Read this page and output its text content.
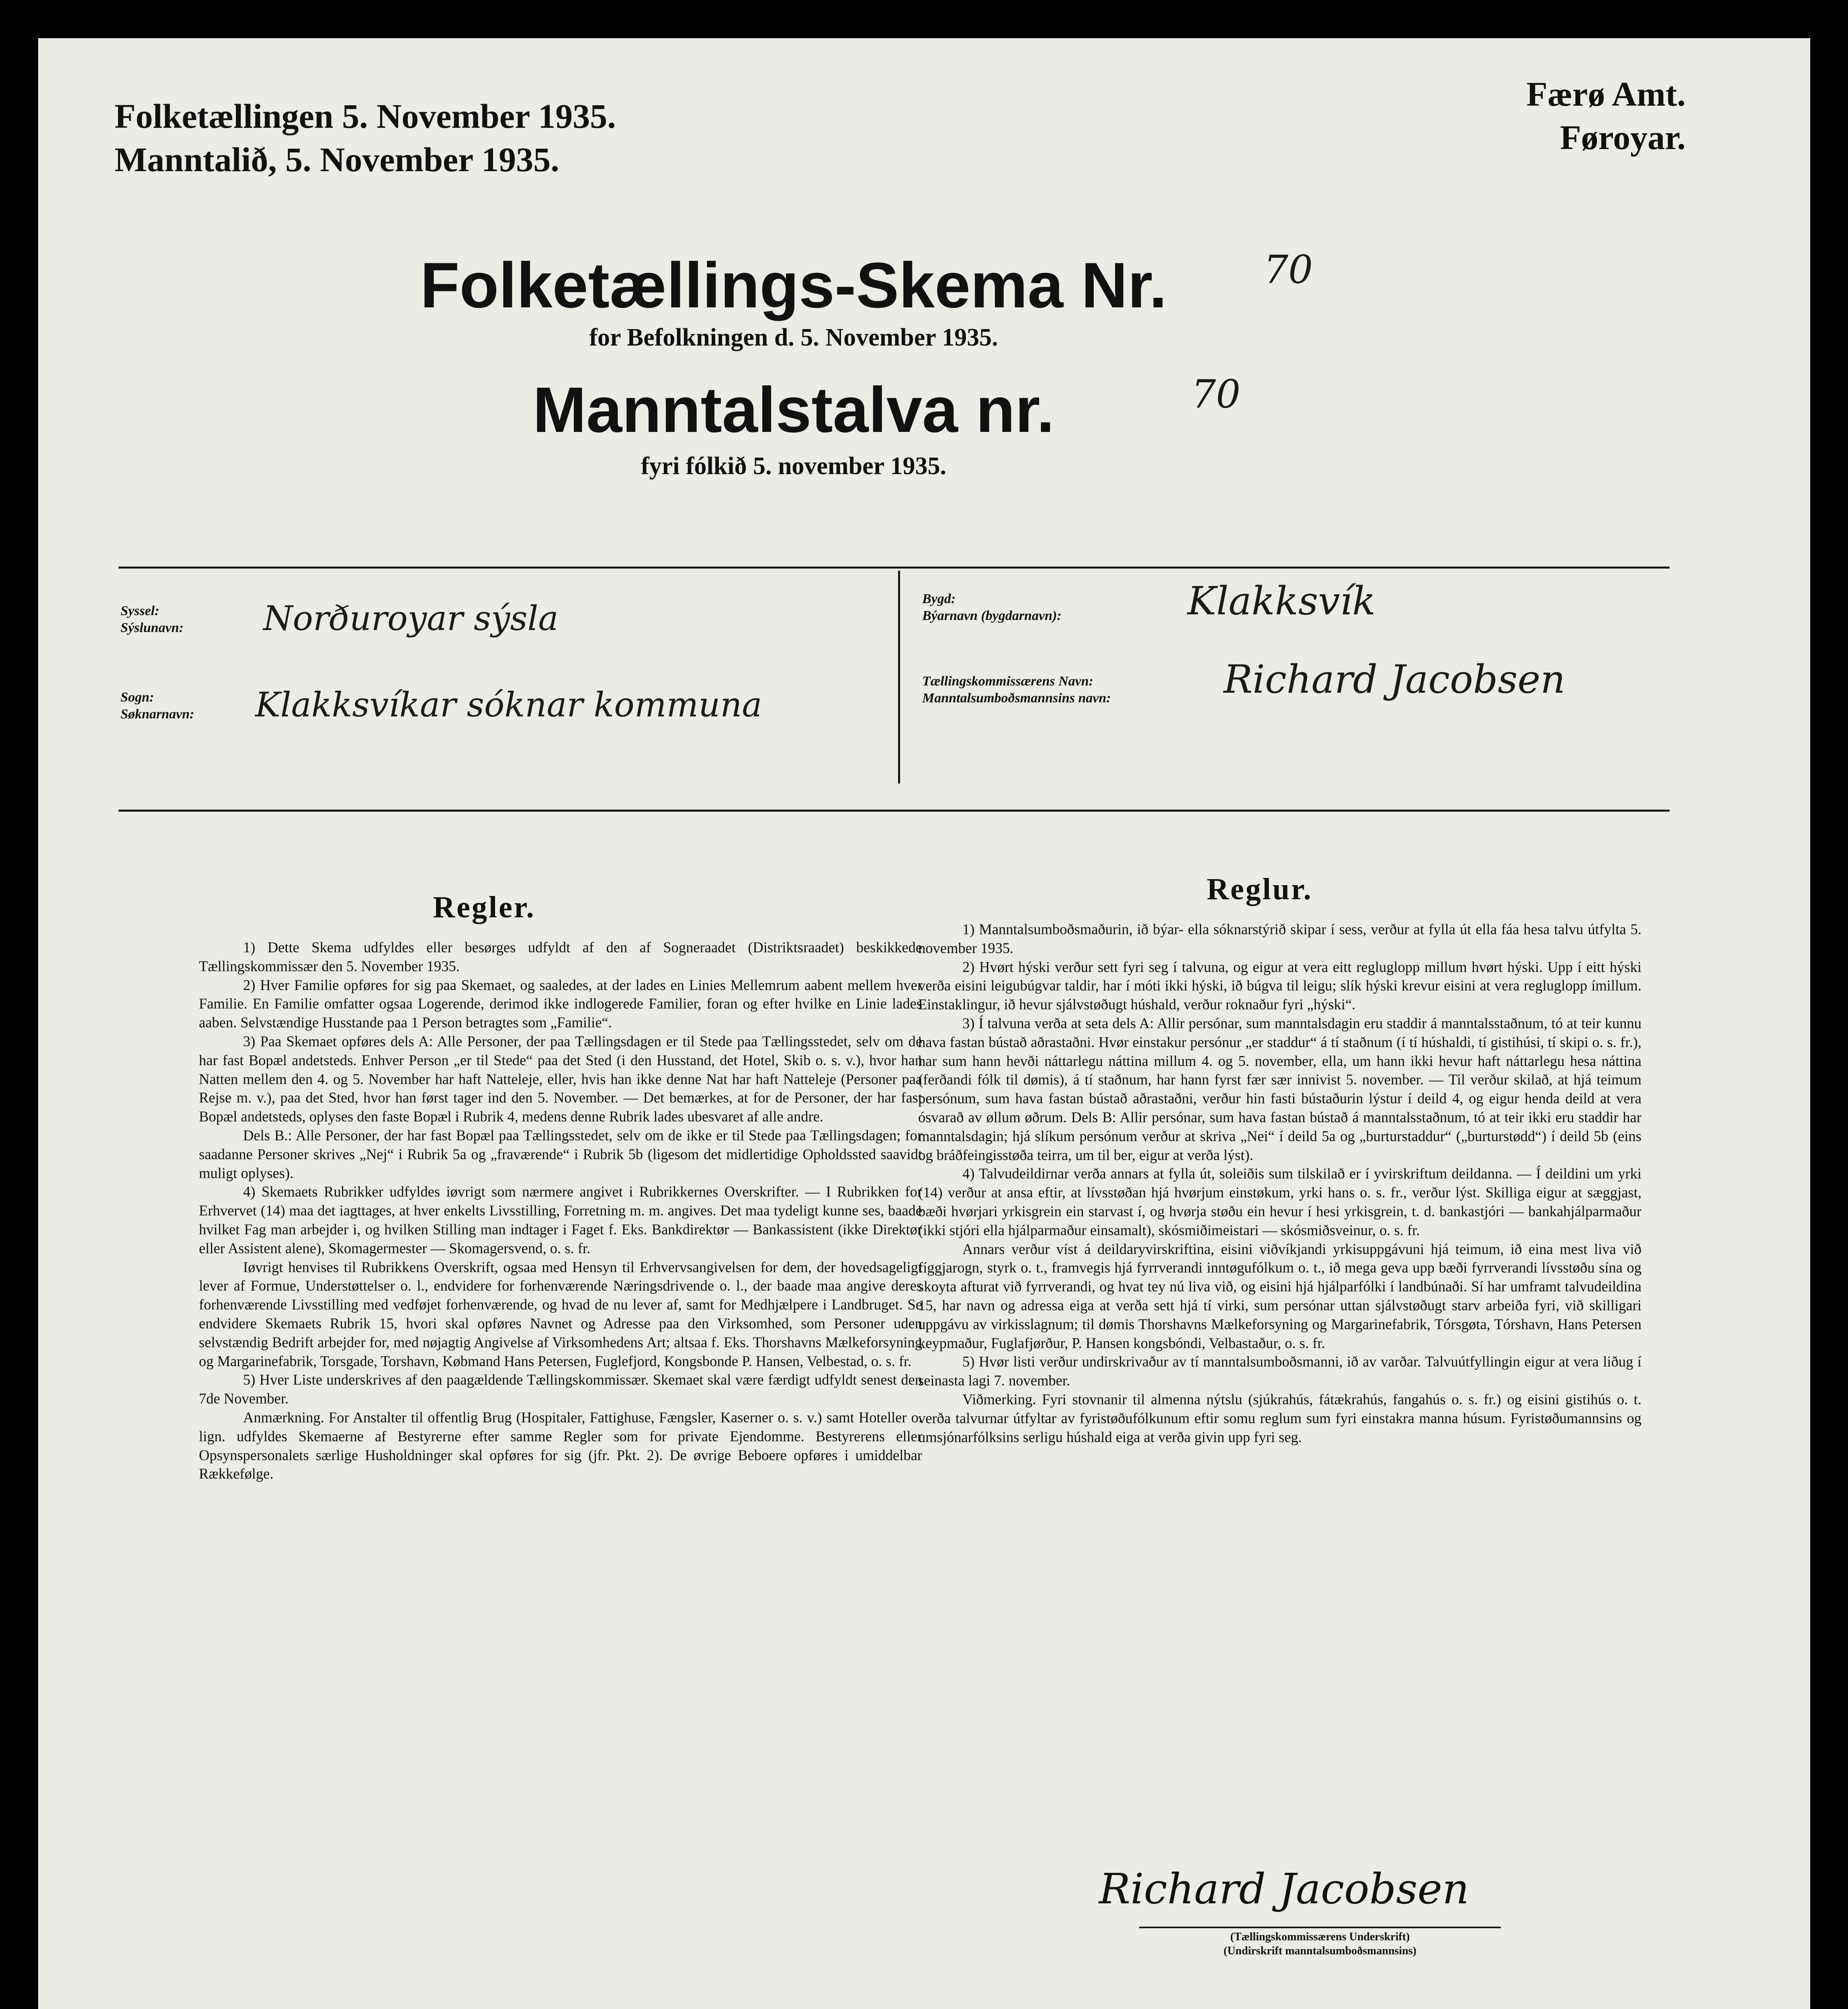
Folketællingen 5. November 1935.
Manntalið, 5. November 1935.
Færø Amt.
Føroyar.
Folketællings-Skema Nr.	70
for Befolkningen d. 5. November 1935.
Manntalstalva nr.	70
fyri fólkið 5. november 1935.
Syssel:
Sýslunavn: Norðuroyar sýsla
Sogn:
Søknarnavn: Klakksvíkar sóknar kommuna
Bygd:
Býarnavn (bygdarnavn):	Klakksvík
Tællingskommissærens Navn:
Manntalsumboðsmannsins navn:	Richard Jacobsen
Regler.
Reglur.

1) Dette Skema udfyldes eller besørges udfyldt af den af Sogneraadet (Distriktsraadet) beskikkede Tællingskommissær den 5. November 1935.

2) Hver Familie opføres for sig paa Skemaet, og saaledes, at der lades en Linies Mellemrum aabent mellem hver Familie. En Familie omfatter ogsaa Logerende, derimod ikke indlogerede Familier, foran og efter hvilke en Linie lades aaben. Selvstændige Husstande paa 1 Person betragtes som „Familie“.

3) Paa Skemaet opføres dels A: Alle Personer, der paa Tællingsdagen er til Stede paa Tællingsstedet, selv om de har fast Bopæl andetsteds. Enhver Person „er til Stede“ paa det Sted (i den Husstand, det Hotel, Skib o. s. v.), hvor han Natten mellem den 4. og 5. November har haft Natteleje, eller, hvis han ikke denne Nat har haft Natteleje (Personer paa Rejse m. v.), paa det Sted, hvor han først tager ind den 5. November. — Det bemærkes, at for de Personer, der har fast Bopæl andetsteds, oplyses den faste Bopæl i Rubrik 4, medens denne Rubrik lades ubesvaret af alle andre.

Dels B.: Alle Personer, der har fast Bopæl paa Tællingsstedet, selv om de ikke er til Stede paa Tællingsdagen; for saadanne Personer skrives „Nej“ i Rubrik 5a og „fraværende“ i Rubrik 5b (ligesom det midlertidige Opholdssted saavidt muligt oplyses).

4) Skemaets Rubrikker udfyldes iøvrigt som nærmere angivet i Rubrikkernes Overskrifter. — I Rubrikken for Erhvervet (14) maa det iagttages, at hver enkelts Livsstilling, Forretning m. m. angives. Det maa tydeligt kunne ses, baade hvilket Fag man arbejder i, og hvilken Stilling man indtager i Faget f. Eks. Bankdirektør — Bankassistent (ikke Direktør eller Assistent alene), Skomagermester — Skomagersvend, o. s. fr.

Iøvrigt henvises til Rubrikkens Overskrift, ogsaa med Hensyn til Erhvervsangivelsen for dem, der hovedsageligt lever af Formue, Understøttelser o. l., endvidere for forhenværende Næringsdrivende o. l., der baade maa angive deres forhenværende Livsstilling med vedføjet forhenværende, og hvad de nu lever af, samt for Medhjælpere i Landbruget. Se endvidere Skemaets Rubrik 15, hvori skal opføres Navnet og Adresse paa den Virksomhed, som Personer uden selvstændig Bedrift arbejder for, med nøjagtig Angivelse af Virksomhedens Art; altsaa f. Eks. Thorshavns Mælkeforsyning og Margarinefabrik, Torsgade, Torshavn, Købmand Hans Petersen, Fuglefjord, Kongsbonde P. Hansen, Velbestad, o. s. fr.

5) Hver Liste underskrives af den paagældende Tællingskommissær. Skemaet skal være færdigt udfyldt senest den 7de November.

Anmærkning. For Anstalter til offentlig Brug (Hospitaler, Fattighuse, Fængsler, Kaserner o. s. v.) samt Hoteller o. lign. udfyldes Skemaerne af Bestyrerne efter samme Regler som for private Ejendomme. Bestyrerens eller Opsynspersonalets særlige Husholdninger skal opføres for sig (jfr. Pkt. 2). De øvrige Beboere opføres i umiddelbar Rækkefølge.

1) Manntalsumboðsmaðurin, ið býar- ella sóknarstýrið skipar í sess, verður at fylla út ella fáa hesa talvu útfylta 5. november 1935.

2) Hvørt hýski verður sett fyri seg í talvuna, og eigur at vera eitt regluglopp millum hvørt hýski. Upp í eitt hýski verða eisini leigubúgvar taldir, har í móti ikki hýski, ið búgva til leigu; slík hýski krevur eisini at vera regluglopp ímillum. Einstaklingur, ið hevur sjálvstøðugt húshald, verður roknaður fyri „hýski“.

3) Í talvuna verða at seta dels A: Allir persónar, sum manntalsdagin eru staddir á manntalsstaðnum, tó at teir kunnu hava fastan bústað aðrastaðni. Hvør einstakur persónur „er staddur“ á tí staðnum (í tí húshaldi, tí gistihúsi, tí skipi o. s. fr.), har sum hann hevði náttarlegu náttina millum 4. og 5. november, ella, um hann ikki hevur haft náttarlegu hesa náttina (ferðandi fólk til dømis), á tí staðnum, har hann fyrst fær sær innivist 5. november. — Til verður skilað, at hjá teimum persónum, sum hava fastan bústað aðrastaðni, verður hin fasti bústaðurin lýstur í deild 4, og eigur henda deild at vera ósvarað av øllum øðrum. Dels B: Allir persónar, sum hava fastan bústað á manntalsstaðnum, tó at teir ikki eru staddir har manntalsdagin; hjá slíkum persónum verður at skriva „Nei“ í deild 5a og „burturstaddur“ („burturstødd“) í deild 5b (eins og bráðfeingisstøða teirra, um til ber, eigur at verða lýst).

4) Talvudeildirnar verða annars at fylla út, soleiðis sum tilskilað er í yvirskriftum deildanna. — Í deildini um yrki (14) verður at ansa eftir, at lívsstøðan hjá hvørjum einstøkum, yrki hans o. s. fr., verður lýst. Skilliga eigur at sæggjast, bæði hvørjari yrkisgrein ein starvast í, og hvørja støðu ein hevur í hesi yrkisgrein, t. d. bankastjóri — bankahjálparmaður (ikki stjóri ella hjálparmaður einsamalt), skósmiðimeistari — skósmiðsveinur, o. s. fr.

Annars verður víst á deildaryvirskriftina, eisini viðvíkjandi yrkisuppgávuni hjá teimum, ið eina mest liva við fíggjarogn, styrk o. t., framvegis hjá fyrrverandi inntøgufólkum o. t., ið mega geva upp bæði fyrrverandi lívsstøðu sína og skoyta afturat við fyrrverandi, og hvat tey nú liva við, og eisini hjá hjálparfólki í landbúnaði. Sí har umframt talvudeildina 15, har navn og adressa eiga at verða sett hjá tí virki, sum persónar uttan sjálvstøðugt starv arbeiða fyri, við skilligari uppgávu av virkisslagnum; til dømis Thorshavns Mælkeforsyning og Margarinefabrik, Tórsgøta, Tórshavn, Hans Petersen keypmaður, Fuglafjørður, P. Hansen kongsbóndi, Velbastaður, o. s. fr.

5) Hvør listi verður undirskrivaður av tí manntalsumboðsmanni, ið av varðar. Talvuútfyllingin eigur at vera liðug í seinasta lagi 7. november.

Viðmerking. Fyri stovnanir til almenna nýtslu (sjúkrahús, fátækrahús, fangahús o. s. fr.) og eisini gistihús o. t. verða talvurnar útfyltar av fyristøðufólkunum eftir somu reglum sum fyri einstakra manna húsum. Fyristøðumannsins og umsjónarfólksins serligu húshald eiga at verða givin upp fyri seg.

Richard Jacobsen
(Tællingskommissærens Underskrift)
(Undirskrift manntalsumboðsmannsins)
